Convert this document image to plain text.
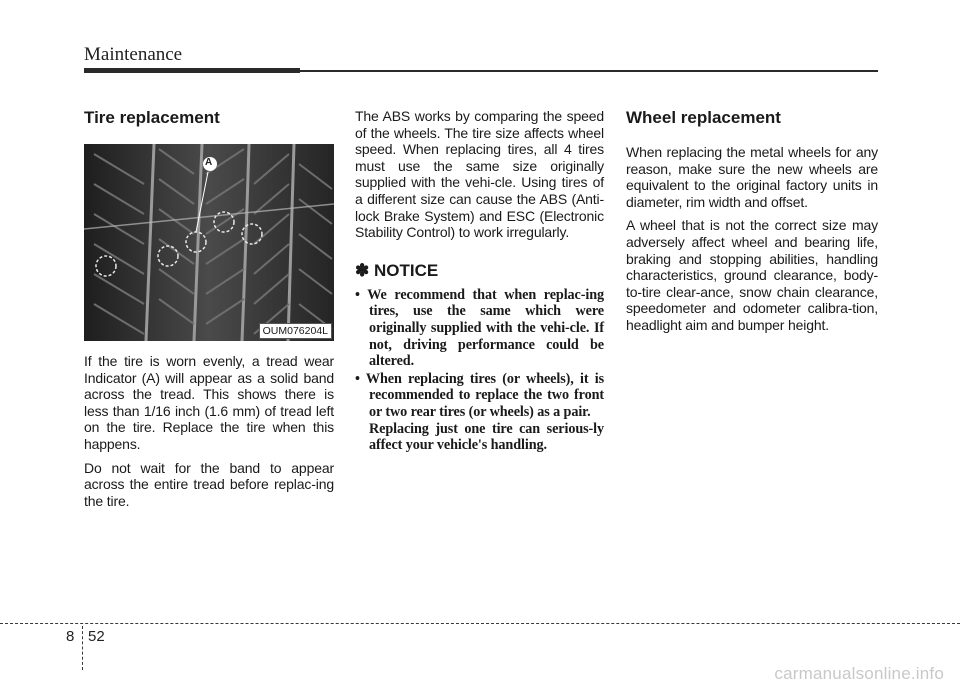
Maintenance
Tire replacement
A
OUM076204L

If the tire is worn evenly, a tread wear Indicator (A) will appear as a solid band across the tread. This shows there is less than 1/16 inch (1.6 mm) of tread left on the tire. Replace the tire when this happens.

Do not wait for the band to appear across the entire tread before replac-ing the tire.

The ABS works by comparing the speed of the wheels. The tire size affects wheel speed. When replacing tires, all 4 tires must use the same size originally supplied with the vehi-cle. Using tires of a different size can cause the ABS (Anti-lock Brake System) and ESC (Electronic Stability Control) to work irregularly.

✽ NOTICE
• We recommend that when replac-ing tires, use the same which were originally supplied with the vehi-cle. If not, driving performance could be altered.
• When replacing tires (or wheels), it is recommended to replace the two front or two rear tires (or wheels) as a pair.
Replacing just one tire can serious-ly affect your vehicle's handling.
Wheel replacement

When replacing the metal wheels for any reason, make sure the new wheels are equivalent to the original factory units in diameter, rim width and offset.

A wheel that is not the correct size may adversely affect wheel and bearing life, braking and stopping abilities, handling characteristics, ground clearance, body-to-tire clear-ance, snow chain clearance, speedometer and odometer calibra-tion, headlight aim and bumper height.

8 52
carmanualsonline.info
